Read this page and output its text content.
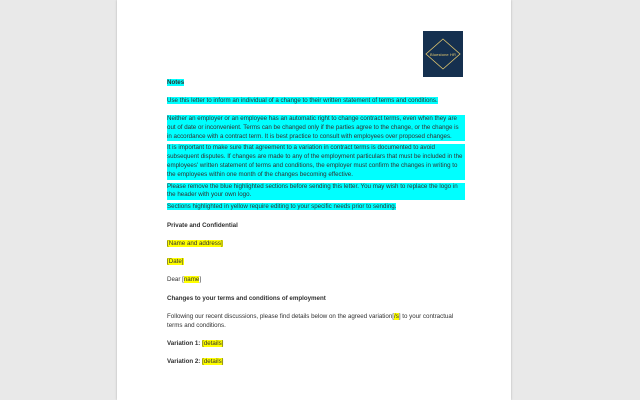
Bluestone HR

Notes

Use this letter to inform an individual of a change to their written statement of terms and conditions.

Neither an employer or an employee has an automatic right to change contract terms, even when they are out of date or inconvenient. Terms can be changed only if the parties agree to the change, or the change is in accordance with a contract term. It is best practice to consult with employees over proposed changes.

It is important to make sure that agreement to a variation in contract terms is documented to avoid subsequent disputes. If changes are made to any of the employment particulars that must be included in the employees' written statement of terms and conditions, the employer must confirm the changes in writing to the employees within one month of the changes becoming effective.

Please remove the blue highlighted sections before sending this letter. You may wish to replace the logo in the header with your own logo.

Sections highlighted in yellow require editing to your specific needs prior to sending.

Private and Confidential

[Name and address]

[Date]

Dear [name]

Changes to your terms and conditions of employment

Following our recent discussions, please find details below on the agreed variation[/s] to your contractual terms and conditions.

Variation 1: [details]

Variation 2: [details]
